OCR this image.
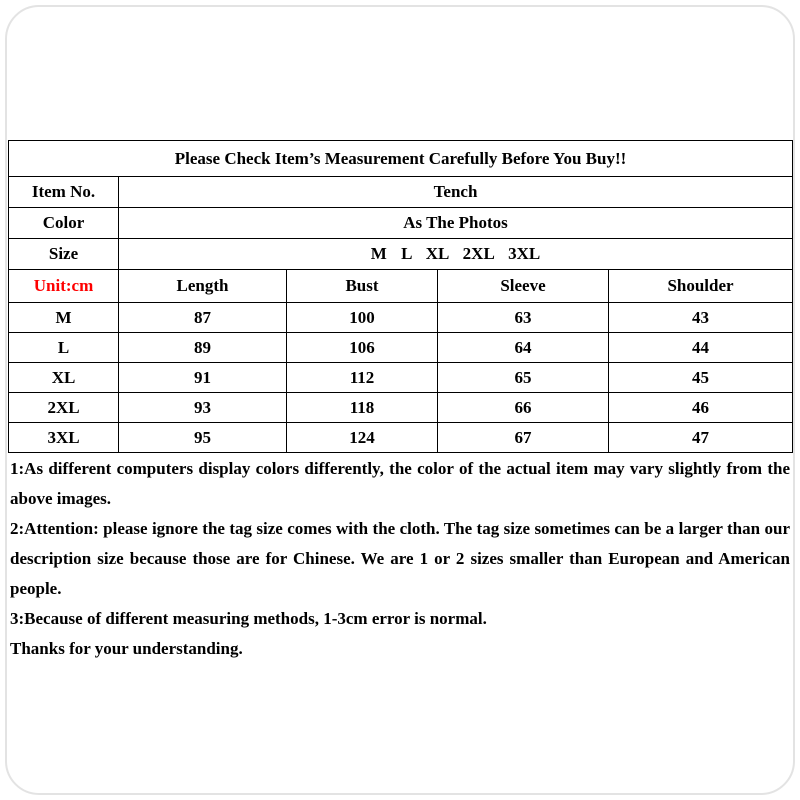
Please Check Item’s Measurement Carefully Before You Buy!!				
Item No.	Tench			
Color	As The Photos			
Size	M L XL 2XL 3XL			
Unit:cm	Length	Bust	Sleeve	Shoulder
M	87	100	63	43
L	89	106	64	44
XL	91	112	65	45
2XL	93	118	66	46
3XL	95	124	67	47

1:As different computers display colors differently, the color of the actual item may vary slightly from the above images.

2:Attention: please ignore the tag size comes with the cloth. The tag size sometimes can be a larger than our description size because those are for Chinese. We are 1 or 2 sizes smaller than European and American people.

3:Because of different measuring methods, 1-3cm error is normal.

Thanks for your understanding.
